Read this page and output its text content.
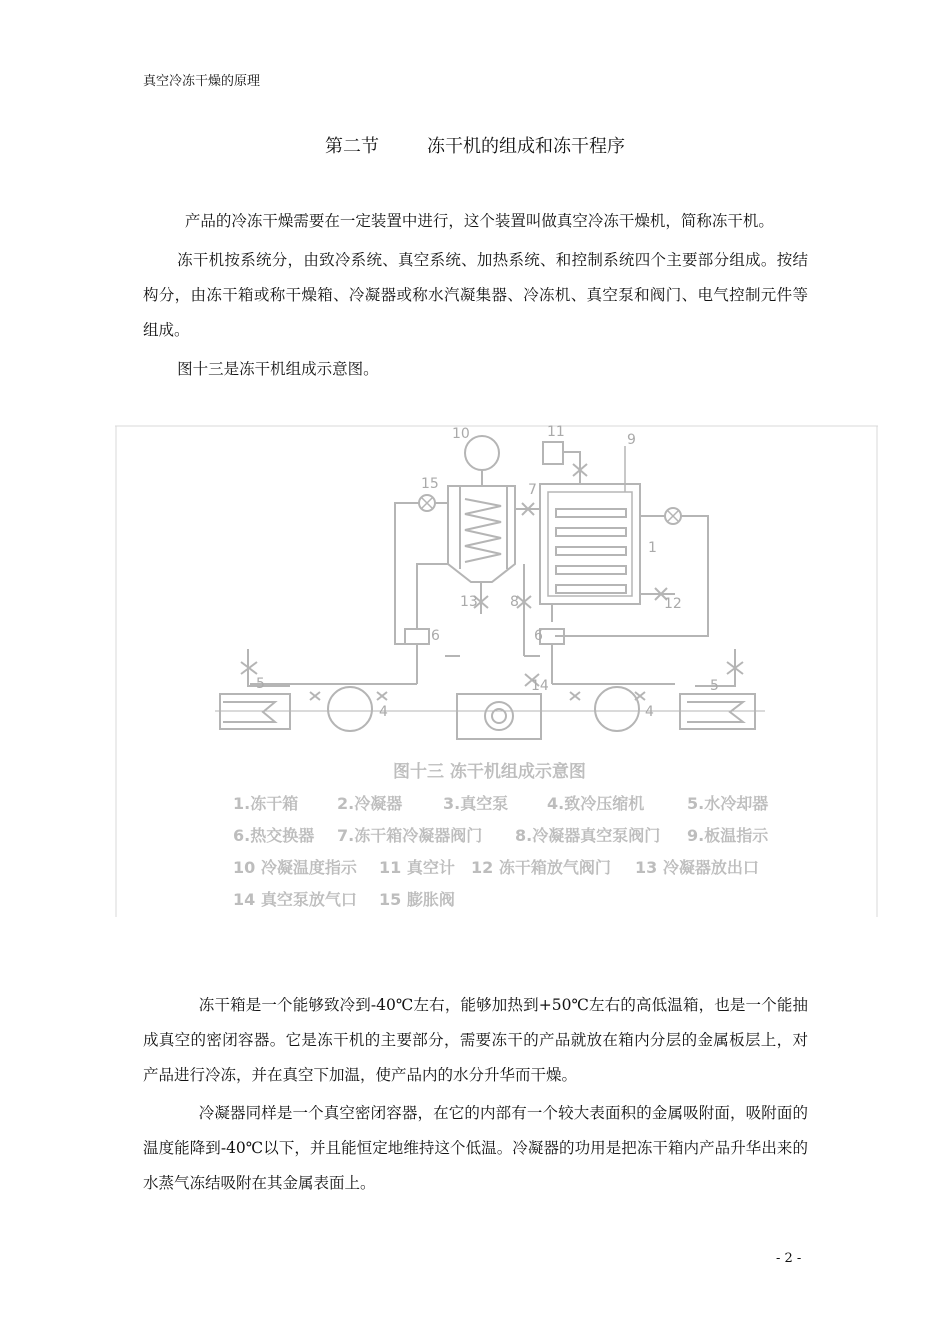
真空冷冻干燥的原理
第二节	冻干机的组成和冻干程序

产品的冷冻干燥需要在一定装置中进行，这个装置叫做真空冷冻干燥机，简称冻干机。

冻干机按系统分，由致冷系统、真空系统、加热系统、和控制系统四个主要部分组成。按结构分，由冻干箱或称干燥箱、冷凝器或称水汽凝集器、冷冻机、真空泵和阀门、电气控制元件等组成。

图十三是冻干机组成示意图。

10	11	9
15	7
1
13 8	12
6	6
5
4
14
4
5
图十三 冻干机组成示意图
1.冻干箱 2.冷凝器	3.真空泵 4.致冷压缩机	5.水冷却器
6.热交换器 7.冻干箱冷凝器阀门 8.冷凝器真空泵阀门 9.板温指示
10 冷凝温度指示 11 真空计 12 冻干箱放气阀门 13 冷凝器放出口
14 真空泵放气口 15 膨胀阀

冻干箱是一个能够致冷到-40℃左右，能够加热到+50℃左右的高低温箱，也是一个能抽成真空的密闭容器。它是冻干机的主要部分，需要冻干的产品就放在箱内分层的金属板层上，对产品进行冷冻，并在真空下加温，使产品内的水分升华而干燥。

冷凝器同样是一个真空密闭容器，在它的内部有一个较大表面积的金属吸附面，吸附面的温度能降到-40℃以下，并且能恒定地维持这个低温。冷凝器的功用是把冻干箱内产品升华出来的水蒸气冻结吸附在其金属表面上。

- 2 -
